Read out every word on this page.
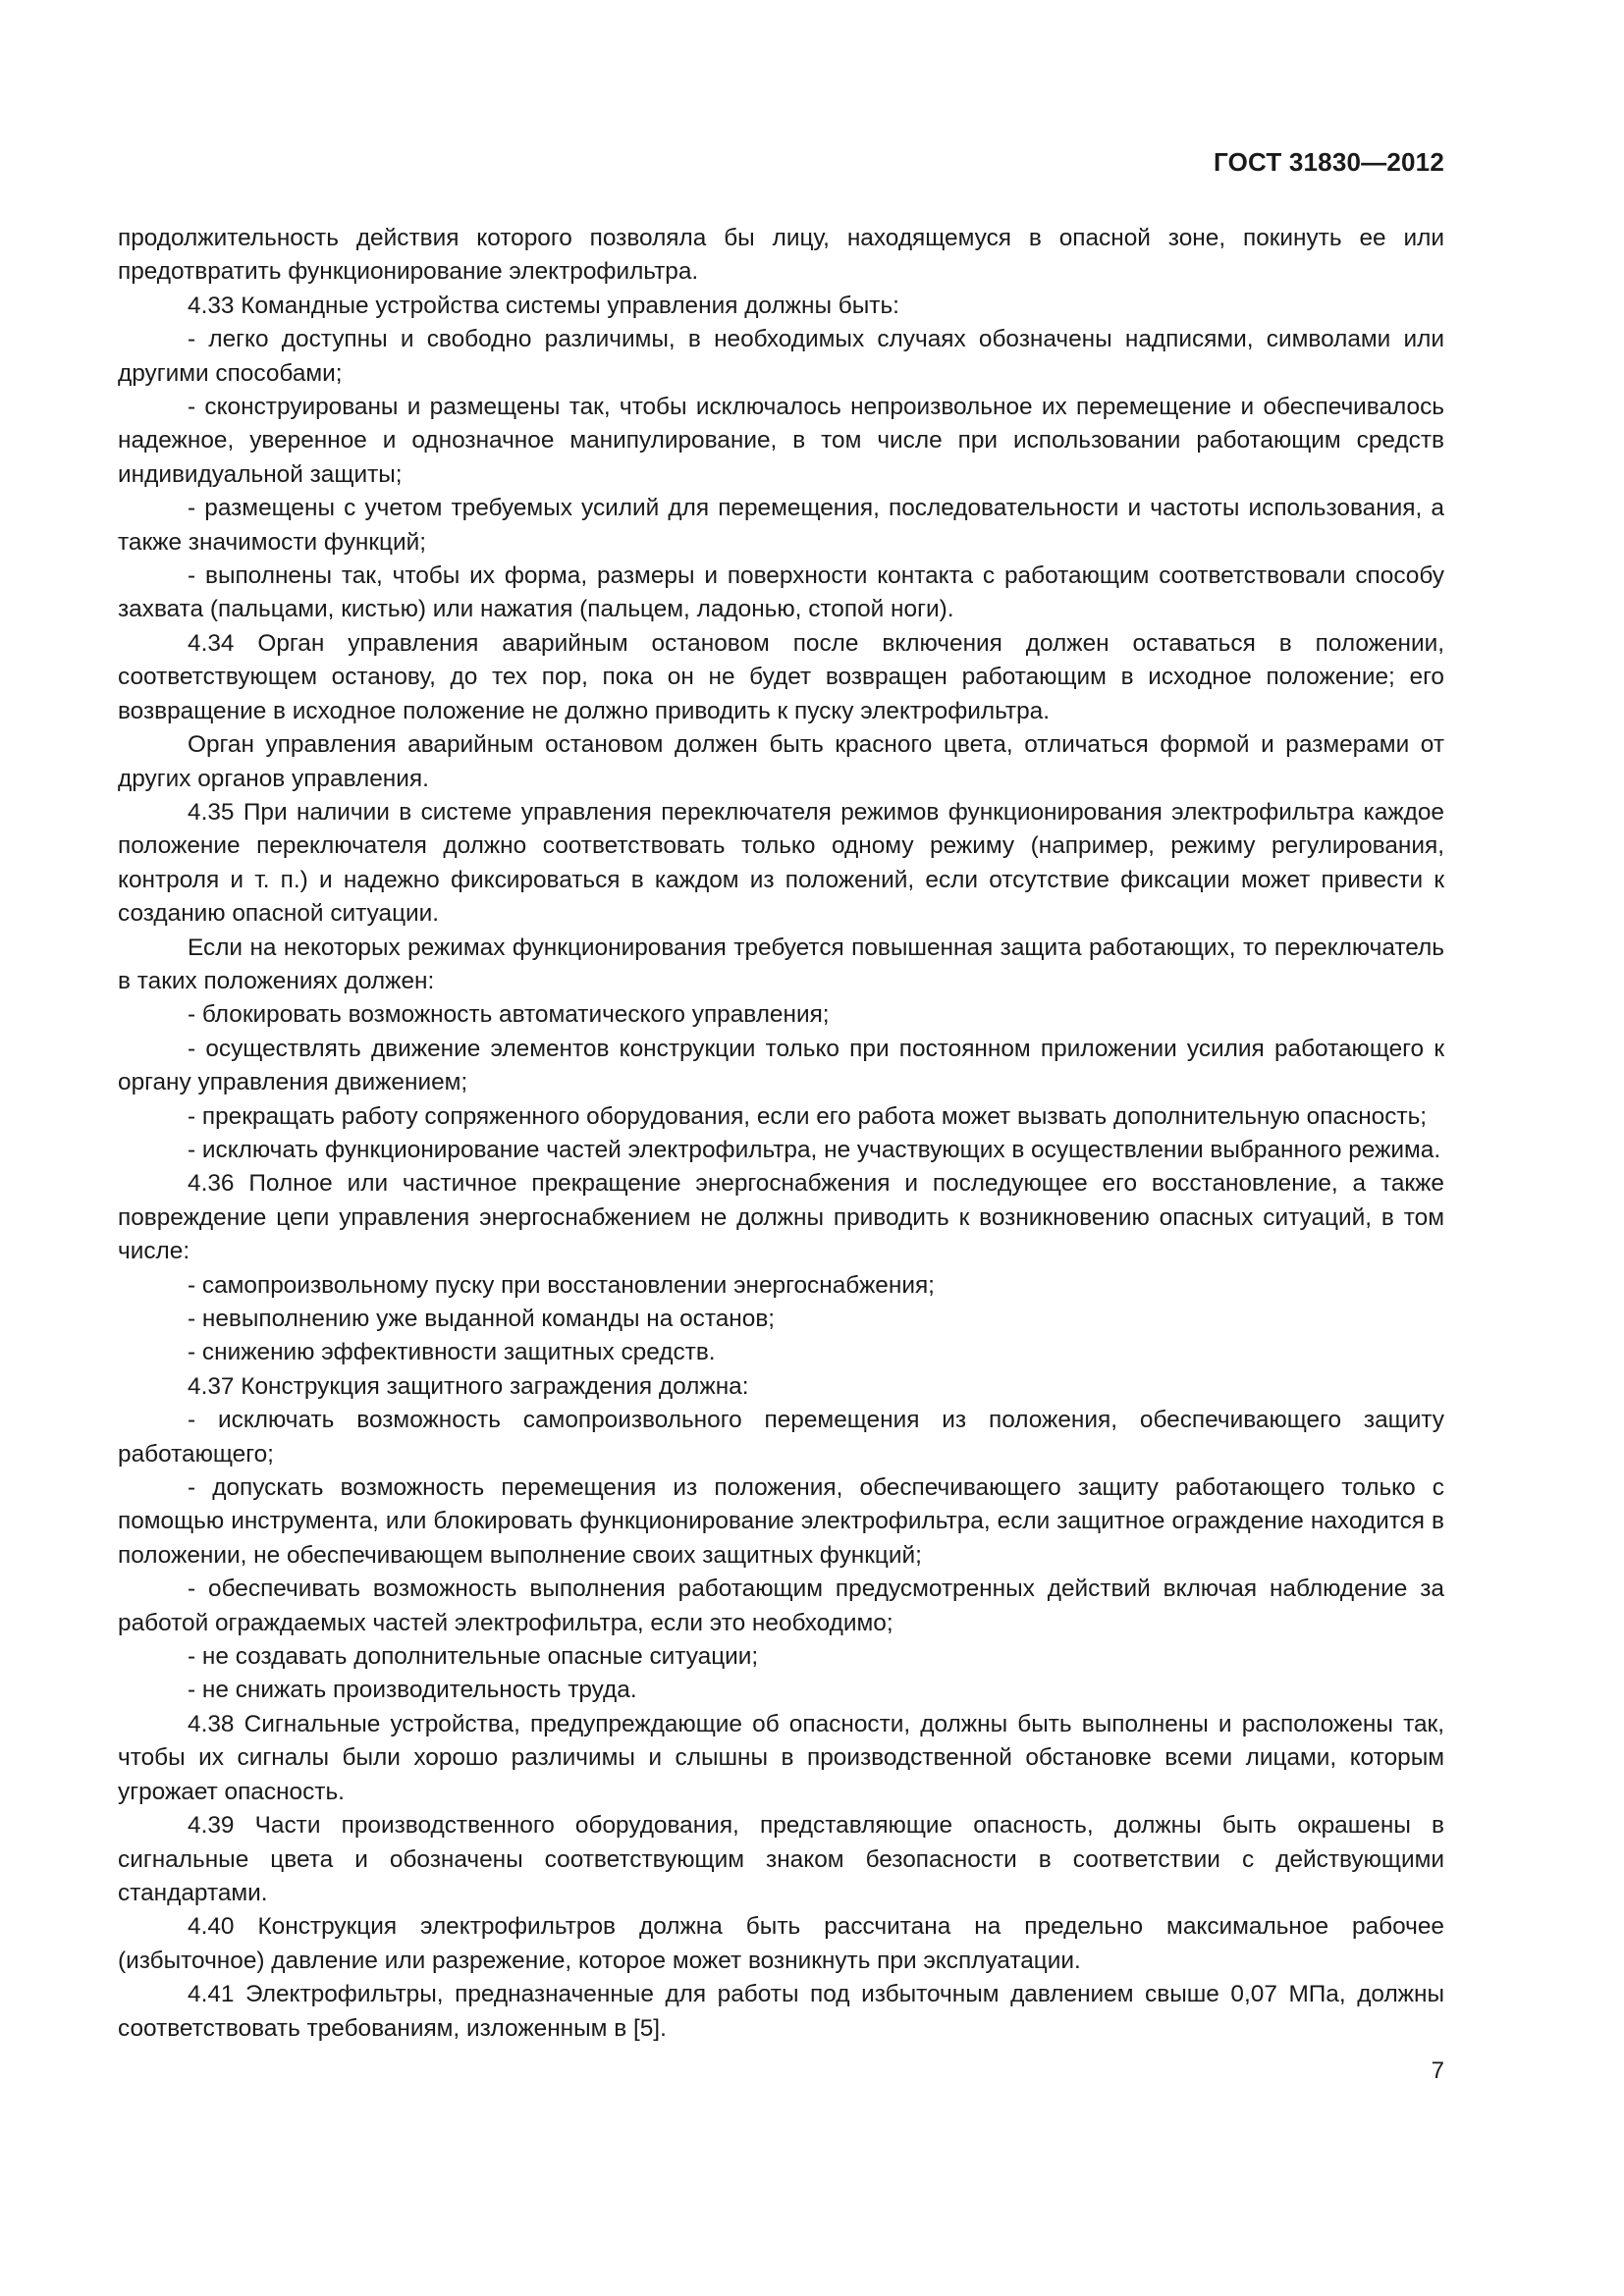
ГОСТ 31830—2012

продолжительность действия которого позволяла бы лицу, находящемуся в опасной зоне, покинуть ее или предотвратить функционирование электрофильтра.

4.33 Командные устройства системы управления должны быть:

- легко доступны и свободно различимы, в необходимых случаях обозначены надписями, символами или другими способами;

- сконструированы и размещены так, чтобы исключалось непроизвольное их перемещение и обеспечивалось надежное, уверенное и однозначное манипулирование, в том числе при использовании работающим средств индивидуальной защиты;

- размещены с учетом требуемых усилий для перемещения, последовательности и частоты использования, а также значимости функций;

- выполнены так, чтобы их форма, размеры и поверхности контакта с работающим соответствовали способу захвата (пальцами, кистью) или нажатия (пальцем, ладонью, стопой ноги).

4.34 Орган управления аварийным остановом после включения должен оставаться в положении, соответствующем останову, до тех пор, пока он не будет возвращен работающим в исходное положение; его возвращение в исходное положение не должно приводить к пуску электрофильтра.

Орган управления аварийным остановом должен быть красного цвета, отличаться формой и размерами от других органов управления.

4.35 При наличии в системе управления переключателя режимов функционирования электрофильтра каждое положение переключателя должно соответствовать только одному режиму (например, режиму регулирования, контроля и т. п.) и надежно фиксироваться в каждом из положений, если отсутствие фиксации может привести к созданию опасной ситуации.

Если на некоторых режимах функционирования требуется повышенная защита работающих, то переключатель в таких положениях должен:

- блокировать возможность автоматического управления;

- осуществлять движение элементов конструкции только при постоянном приложении усилия работающего к органу управления движением;

- прекращать работу сопряженного оборудования, если его работа может вызвать дополнительную опасность;

- исключать функционирование частей электрофильтра, не участвующих в осуществлении выбранного режима.

4.36 Полное или частичное прекращение энергоснабжения и последующее его восстановление, а также повреждение цепи управления энергоснабжением не должны приводить к возникновению опасных ситуаций, в том числе:

- самопроизвольному пуску при восстановлении энергоснабжения;

- невыполнению уже выданной команды на останов;

- снижению эффективности защитных средств.

4.37 Конструкция защитного заграждения должна:

- исключать возможность самопроизвольного перемещения из положения, обеспечивающего защиту работающего;

- допускать возможность перемещения из положения, обеспечивающего защиту работающего только с помощью инструмента, или блокировать функционирование электрофильтра, если защитное ограждение находится в положении, не обеспечивающем выполнение своих защитных функций;

- обеспечивать возможность выполнения работающим предусмотренных действий включая наблюдение за работой ограждаемых частей электрофильтра, если это необходимо;

- не создавать дополнительные опасные ситуации;

- не снижать производительность труда.

4.38 Сигнальные устройства, предупреждающие об опасности, должны быть выполнены и расположены так, чтобы их сигналы были хорошо различимы и слышны в производственной обстановке всеми лицами, которым угрожает опасность.

4.39 Части производственного оборудования, представляющие опасность, должны быть окрашены в сигнальные цвета и обозначены соответствующим знаком безопасности в соответствии с действующими стандартами.

4.40 Конструкция электрофильтров должна быть рассчитана на предельно максимальное рабочее (избыточное) давление или разрежение, которое может возникнуть при эксплуатации.

4.41 Электрофильтры, предназначенные для работы под избыточным давлением свыше 0,07 МПа, должны соответствовать требованиям, изложенным в [5].

7
